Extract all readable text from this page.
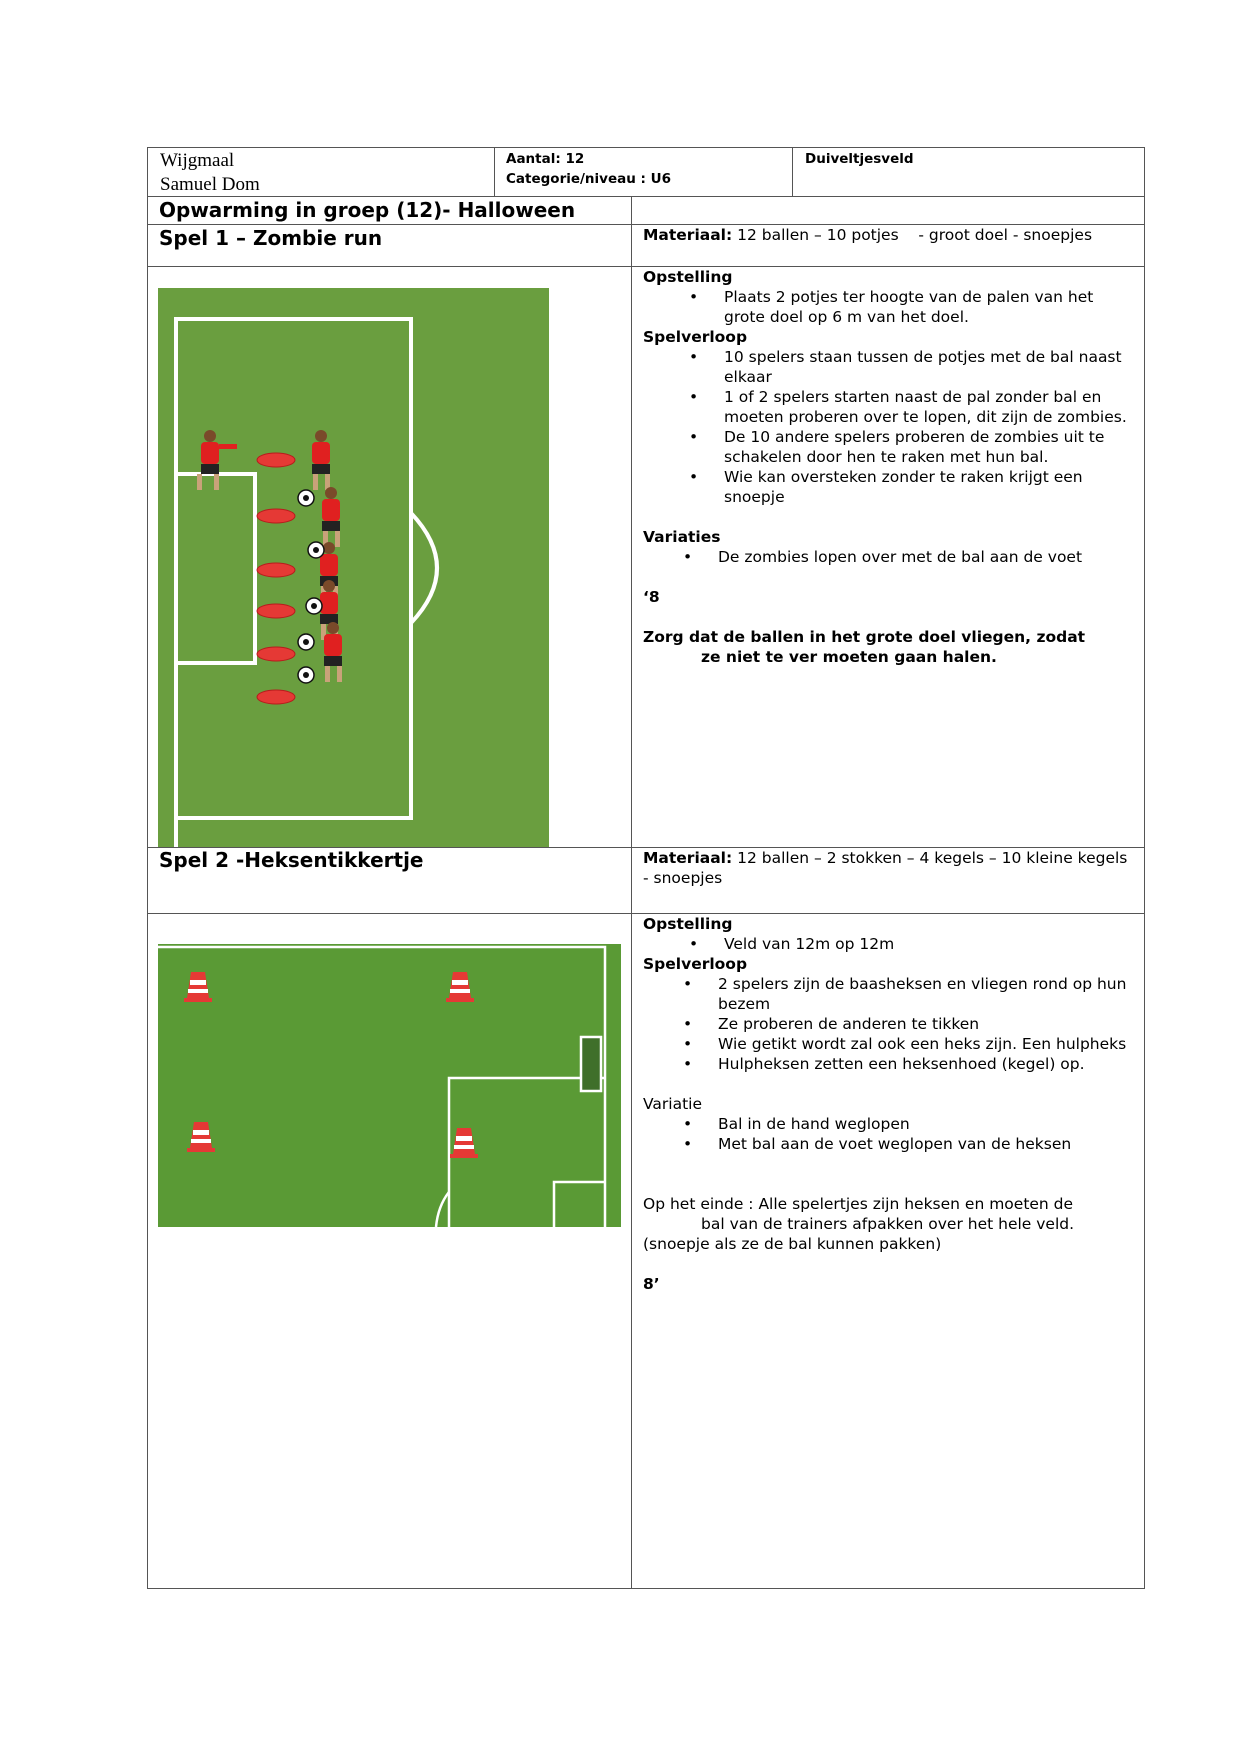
Wijgmaal
Samuel Dom
Aantal: 12
Categorie/niveau : U6
Duiveltjesveld
Opwarming in groep (12)- Halloween
Spel 1 – Zombie run	Materiaal: 12 ballen – 10 potjes    - groot doel - snoepjes
Opstelling
• Plaats 2 potjes ter hoogte van de palen van het grote doel op 6 m van het doel.
Spelverloop
• 10 spelers staan tussen de potjes met de bal naast elkaar
• 1 of 2 spelers starten naast de pal zonder bal en moeten proberen over te lopen, dit zijn de zombies.
• De 10 andere spelers proberen de zombies uit te schakelen door hen te raken met hun bal.
• Wie kan oversteken zonder te raken krijgt een snoepje
Variaties
• De zombies lopen over met de bal aan de voet
‘8
Zorg dat de ballen in het grote doel vliegen, zodat
ze niet te ver moeten gaan halen.
Spel 2 -Heksentikkertje	Materiaal: 12 ballen – 2 stokken – 4 kegels – 10 kleine kegels - snoepjes
Opstelling
• Veld van 12m op 12m
Spelverloop
• 2 spelers zijn de baasheksen en vliegen rond op hun bezem
• Ze proberen de anderen te tikken
• Wie getikt wordt zal ook een heks zijn. Een hulpheks
• Hulpheksen zetten een heksenhoed (kegel) op.
Variatie
• Bal in de hand weglopen
• Met bal aan de voet weglopen van de heksen
Op het einde : Alle spelertjes zijn heksen en moeten de
bal van de trainers afpakken over het hele veld.
(snoepje als ze de bal kunnen pakken)
8’
